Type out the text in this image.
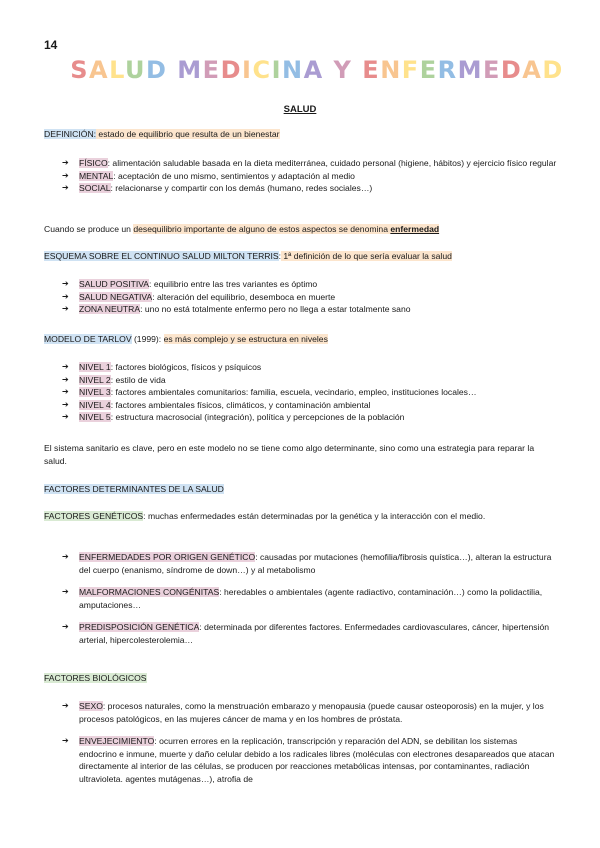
14
SALUD MEDICINA Y ENFERMEDAD
SALUD
DEFINICIÓN: estado de equilibrio que resulta de un bienestar
➔ FÍSICO: alimentación saludable basada en la dieta mediterránea, cuidado personal (higiene, hábitos) y ejercicio físico regular
➔ MENTAL: aceptación de uno mismo, sentimientos y adaptación al medio
➔ SOCIAL: relacionarse y compartir con los demás (humano, redes sociales…)
Cuando se produce un desequilibrio importante de alguno de estos aspectos se denomina enfermedad
ESQUEMA SOBRE EL CONTINUO SALUD MILTON TERRIS: 1ª definición de lo que sería evaluar la salud
➔ SALUD POSITIVA: equilibrio entre las tres variantes es óptimo
➔ SALUD NEGATIVA: alteración del equilibrio, desemboca en muerte
➔ ZONA NEUTRA: uno no está totalmente enfermo pero no llega a estar totalmente sano
MODELO DE TARLOV (1999): es más complejo y se estructura en niveles
➔ NIVEL 1: factores biológicos, físicos y psíquicos
➔ NIVEL 2: estilo de vida
➔ NIVEL 3: factores ambientales comunitarios: familia, escuela, vecindario, empleo, instituciones locales…
➔ NIVEL 4: factores ambientales físicos, climáticos, y contaminación ambiental
➔ NIVEL 5: estructura macrosocial (integración), política y percepciones de la población
El sistema sanitario es clave, pero en este modelo no se tiene como algo determinante, sino como una estrategia para reparar la salud.
FACTORES DETERMINANTES DE LA SALUD
FACTORES GENÉTICOS: muchas enfermedades están determinadas por la genética y la interacción con el medio.
➔ ENFERMEDADES POR ORIGEN GENÉTICO: causadas por mutaciones (hemofilia/fibrosis quística…), alteran la estructura del cuerpo (enanismo, síndrome de down…) y al metabolismo
➔ MALFORMACIONES CONGÉNITAS: heredables o ambientales (agente radiactivo, contaminación…) como la polidactilia, amputaciones…
➔ PREDISPOSICIÓN GENÉTICA: determinada por diferentes factores. Enfermedades cardiovasculares, cáncer, hipertensión arterial, hipercolesterolemia…
FACTORES BIOLÓGICOS
➔ SEXO: procesos naturales, como la menstruación embarazo y menopausia (puede causar osteoporosis) en la mujer, y los procesos patológicos, en las mujeres cáncer de mama y en los hombres de próstata.
➔ ENVEJECIMIENTO: ocurren errores en la replicación, transcripción y reparación del ADN, se debilitan los sistemas endocrino e inmune, muerte y daño celular debido a los radicales libres (moléculas con electrones desapareados que atacan directamente al interior de las células, se producen por reacciones metabólicas intensas, por contaminantes, radiación ultravioleta. agentes mutágenas…), atrofia de
